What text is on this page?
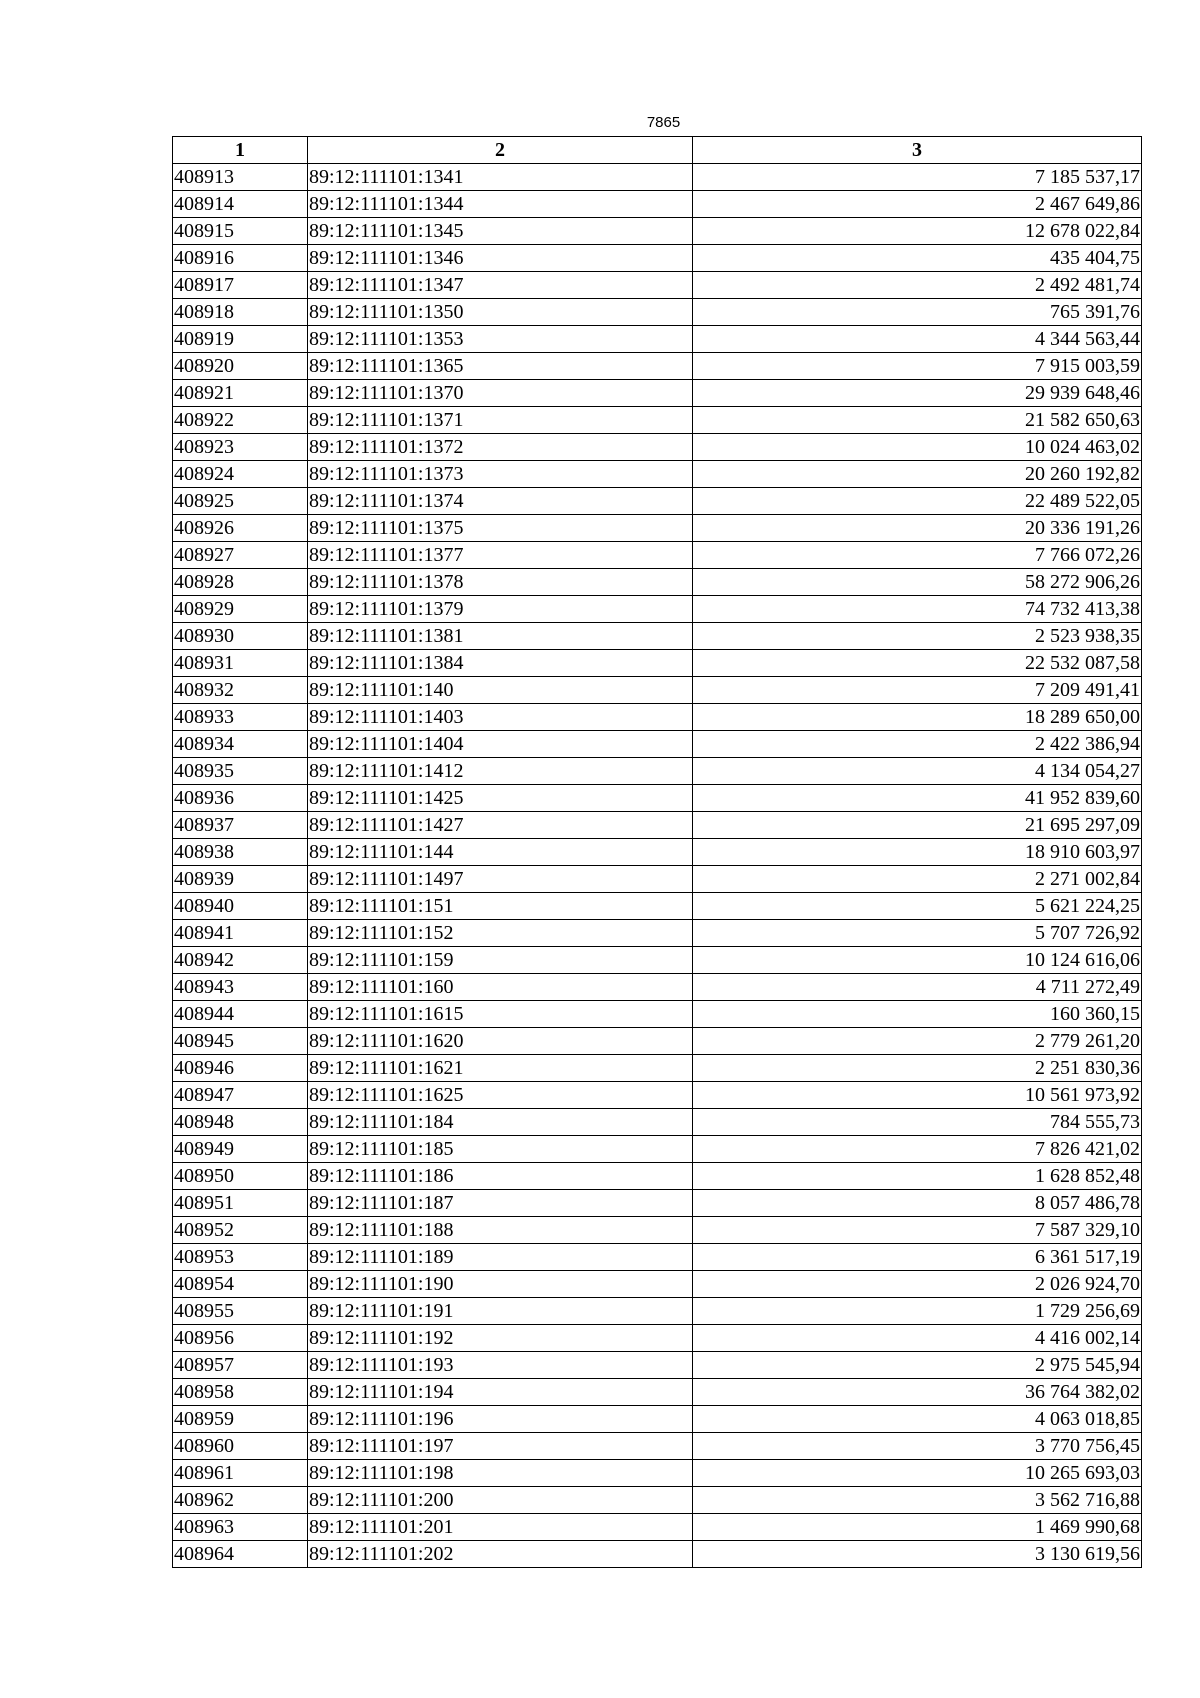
7865
1	2	3
408913	89:12:111101:1341	7 185 537,17
408914	89:12:111101:1344	2 467 649,86
408915	89:12:111101:1345	12 678 022,84
408916	89:12:111101:1346	435 404,75
408917	89:12:111101:1347	2 492 481,74
408918	89:12:111101:1350	765 391,76
408919	89:12:111101:1353	4 344 563,44
408920	89:12:111101:1365	7 915 003,59
408921	89:12:111101:1370	29 939 648,46
408922	89:12:111101:1371	21 582 650,63
408923	89:12:111101:1372	10 024 463,02
408924	89:12:111101:1373	20 260 192,82
408925	89:12:111101:1374	22 489 522,05
408926	89:12:111101:1375	20 336 191,26
408927	89:12:111101:1377	7 766 072,26
408928	89:12:111101:1378	58 272 906,26
408929	89:12:111101:1379	74 732 413,38
408930	89:12:111101:1381	2 523 938,35
408931	89:12:111101:1384	22 532 087,58
408932	89:12:111101:140	7 209 491,41
408933	89:12:111101:1403	18 289 650,00
408934	89:12:111101:1404	2 422 386,94
408935	89:12:111101:1412	4 134 054,27
408936	89:12:111101:1425	41 952 839,60
408937	89:12:111101:1427	21 695 297,09
408938	89:12:111101:144	18 910 603,97
408939	89:12:111101:1497	2 271 002,84
408940	89:12:111101:151	5 621 224,25
408941	89:12:111101:152	5 707 726,92
408942	89:12:111101:159	10 124 616,06
408943	89:12:111101:160	4 711 272,49
408944	89:12:111101:1615	160 360,15
408945	89:12:111101:1620	2 779 261,20
408946	89:12:111101:1621	2 251 830,36
408947	89:12:111101:1625	10 561 973,92
408948	89:12:111101:184	784 555,73
408949	89:12:111101:185	7 826 421,02
408950	89:12:111101:186	1 628 852,48
408951	89:12:111101:187	8 057 486,78
408952	89:12:111101:188	7 587 329,10
408953	89:12:111101:189	6 361 517,19
408954	89:12:111101:190	2 026 924,70
408955	89:12:111101:191	1 729 256,69
408956	89:12:111101:192	4 416 002,14
408957	89:12:111101:193	2 975 545,94
408958	89:12:111101:194	36 764 382,02
408959	89:12:111101:196	4 063 018,85
408960	89:12:111101:197	3 770 756,45
408961	89:12:111101:198	10 265 693,03
408962	89:12:111101:200	3 562 716,88
408963	89:12:111101:201	1 469 990,68
408964	89:12:111101:202	3 130 619,56
